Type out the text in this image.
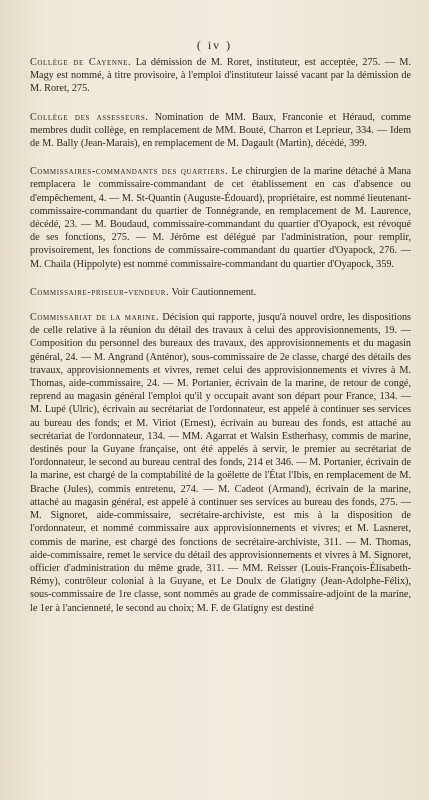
( iv )

Collège de Cayenne. La démission de M. Roret, instituteur, est acceptée, 275. — M. Magy est nommé, à titre provisoire, à l'emploi d'instituteur laissé vacant par la démission de M. Roret, 275.

Collège des assesseurs. Nomination de MM. Baux, Franconie et Héraud, comme membres dudit collège, en remplacement de MM. Bouté, Charron et Leprieur, 334. — Idem de M. Bally (Jean-Marais), en remplacement de M. Dagault (Martin), décédé, 399.

Commissaires-commandants des quartiers. Le chirurgien de la marine détaché à Mana remplacera le commissaire-commandant de cet établissement en cas d'absence ou d'empêchement, 4. — M. St-Quantin (Auguste-Édouard), propriétaire, est nommé lieutenant-commissaire-commandant du quartier de Tonnégrande, en remplacement de M. Laurence, décédé, 23. — M. Boudaud, commissaire-commandant du quartier d'Oyapock, est révoqué de ses fonctions, 275. — M. Jérôme est délégué par l'administration, pour remplir, provisoirement, les fonctions de commissaire-commandant du quartier d'Oyapock, 276. — M. Chaila (Hippolyte) est nommé commissaire-commandant du quartier d'Oyapock, 359.

Commissaire-priseur-vendeur. Voir Cautionnement.

Commissariat de la marine. Décision qui rapporte, jusqu'à nouvel ordre, les dispositions de celle relative à la réunion du détail des travaux à celui des approvisionnements, 19. — Composition du personnel des bureaux des travaux, des approvisionnements et du magasin général, 24. — M. Angrand (Anténor), sous-commissaire de 2e classe, chargé des détails des travaux, approvisionnements et vivres, remet celui des approvisionnements et vivres à M. Thomas, aide-commissaire, 24. — M. Portanier, écrivain de la marine, de retour de congé, reprend au magasin général l'emploi qu'il y occupait avant son départ pour France, 134. — M. Lupé (Ulric), écrivain au secrétariat de l'ordonnateur, est appelé à continuer ses services au bureau des fonds; et M. Viriot (Ernest), écrivain au bureau des fonds, est attaché au secrétariat de l'ordonnateur, 134. — MM. Agarrat et Walsin Estherhasy, commis de marine, destinés pour la Guyane française, ont été appelés à servir, le premier au secrétariat de l'ordonnateur, le second au bureau central des fonds, 214 et 346. — M. Portanier, écrivain de la marine, est chargé de la comptabilité de la goëlette de l'État l'Ibis, en remplacement de M. Brache (Jules), commis entretenu, 274. — M. Cadeot (Armand), écrivain de la marine, attaché au magasin général, est appelé à continuer ses services au bureau des fonds, 275. — M. Signoret, aide-commissaire, secrétaire-archiviste, est mis à la disposition de l'ordonnateur, et nommé commissaire aux approvisionnements et vivres; et M. Lasneret, commis de marine, est chargé des fonctions de secrétaire-archiviste, 311. — M. Thomas, aide-commissaire, remet le service du détail des approvisionnements et vivres à M. Signoret, officier d'administration du même grade, 311. — MM. Reisser (Louis-François-Élisabeth-Rémy), contrôleur colonial à la Guyane, et Le Doulx de Glatigny (Jean-Adolphe-Félix), sous-commissaire de 1re classe, sont nommés au grade de commissaire-adjoint de la marine, le 1er à l'ancienneté, le second au choix; M. F. de Glatigny est destiné
